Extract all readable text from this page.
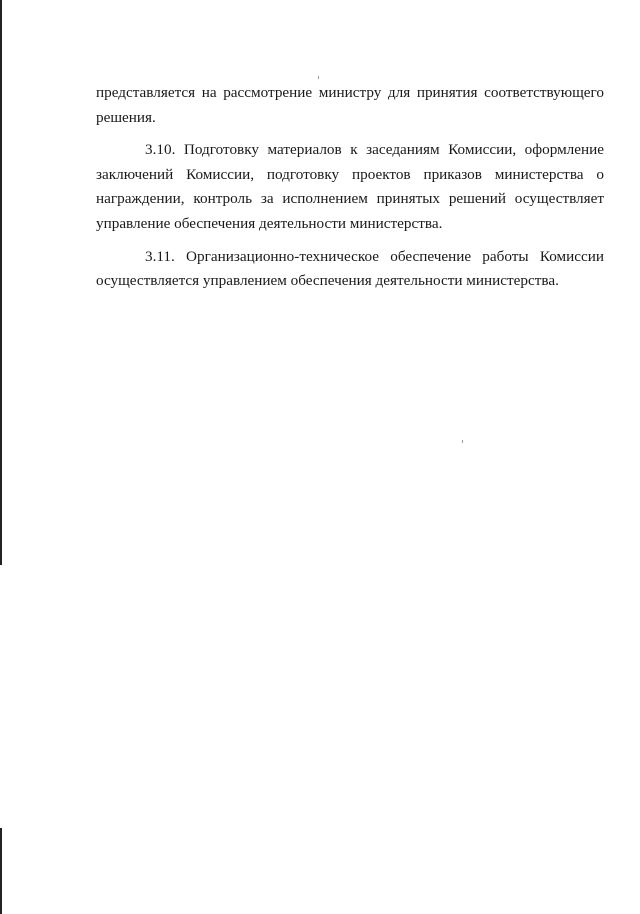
представляется на рассмотрение министру для принятия соответствующего решения.

3.10. Подготовку материалов к заседаниям Комиссии, оформление заключений Комиссии, подготовку проектов приказов министерства о награждении, контроль за исполнением принятых решений осуществляет управление обеспечения деятельности министерства.

3.11. Организационно-техническое обеспечение работы Комиссии осуществляется управлением обеспечения деятельности министерства.
